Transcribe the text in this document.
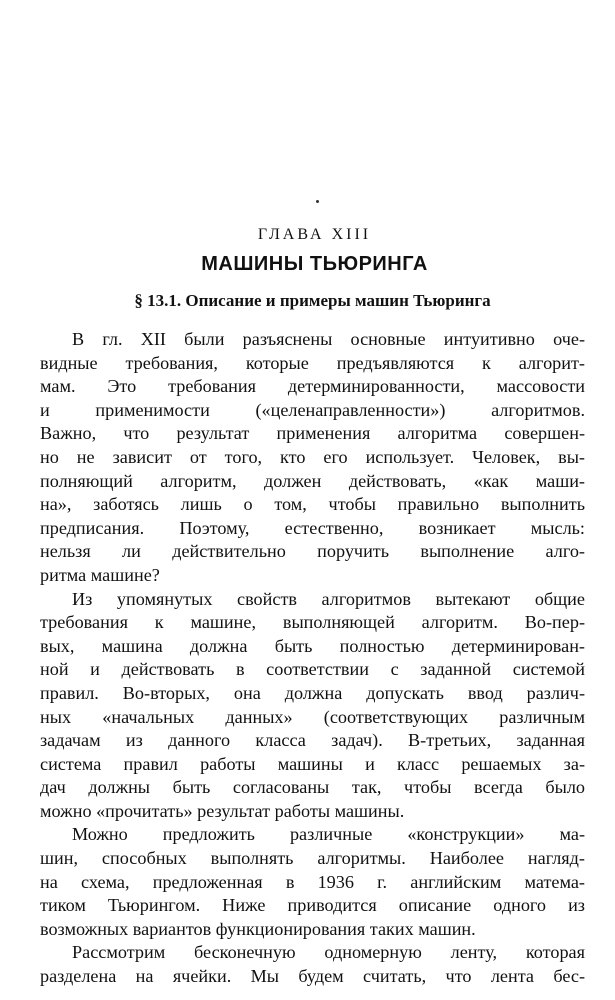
ГЛАВА XIII
МАШИНЫ ТЬЮРИНГА
§ 13.1. Описание и примеры машин Тьюринга
В гл. XII были разъяснены основные интуитивно оче-
видные требования, которые предъявляются к алгорит-
мам. Это требования детерминированности, массовости
и применимости («целенаправленности») алгоритмов.
Важно, что результат применения алгоритма совершен-
но не зависит от того, кто его использует. Человек, вы-
полняющий алгоритм, должен действовать, «как маши-
на», заботясь лишь о том, чтобы правильно выполнить
предписания. Поэтому, естественно, возникает мысль:
нельзя ли действительно поручить выполнение алго-
ритма машине?
Из упомянутых свойств алгоритмов вытекают общие
требования к машине, выполняющей алгоритм. Во-пер-
вых, машина должна быть полностью детерминирован-
ной и действовать в соответствии с заданной системой
правил. Во-вторых, она должна допускать ввод различ-
ных «начальных данных» (соответствующих различным
задачам из данного класса задач). В-третьих, заданная
система правил работы машины и класс решаемых за-
дач должны быть согласованы так, чтобы всегда было
можно «прочитать» результат работы машины.
Можно предложить различные «конструкции» ма-
шин, способных выполнять алгоритмы. Наиболее нагляд-
на схема, предложенная в 1936 г. английским матема-
тиком Тьюрингом. Ниже приводится описание одного из
возможных вариантов функционирования таких машин.
Рассмотрим бесконечную одномерную ленту, которая
разделена на ячейки. Мы будем считать, что лента бес-
